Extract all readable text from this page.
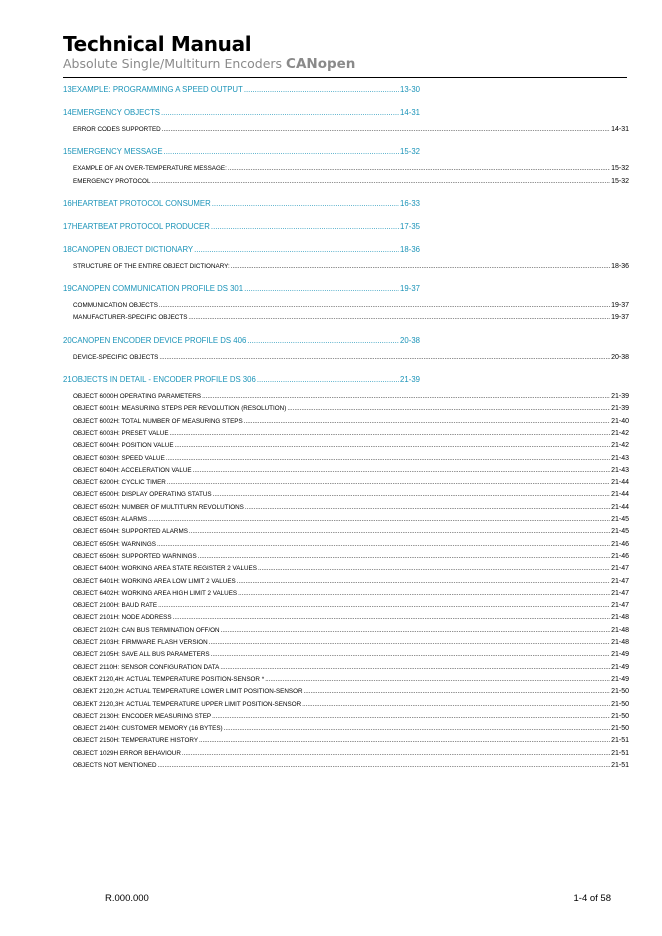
Technical Manual
Absolute Single/Multiturn Encoders CANopen
13 EXAMPLE: PROGRAMMING A SPEED OUTPUT .....	13-30
14 EMERGENCY OBJECTS .....	14-31
ERROR CODES SUPPORTED .....	14-31
15 EMERGENCY MESSAGE .....	15-32
EXAMPLE OF AN OVER-TEMPERATURE MESSAGE: .....	15-32
EMERGENCY PROTOCOL .....	15-32
16 HEARTBEAT PROTOCOL CONSUMER .....	16-33
17 HEARTBEAT PROTOCOL PRODUCER .....	17-35
18 CANOPEN OBJECT DICTIONARY .....	18-36
STRUCTURE OF THE ENTIRE OBJECT DICTIONARY: .....	18-36
19 CANOPEN COMMUNICATION PROFILE DS 301 .....	19-37
COMMUNICATION OBJECTS .....	19-37
MANUFACTURER-SPECIFIC OBJECTS .....	19-37
20 CANOPEN ENCODER DEVICE PROFILE DS 406 .....	20-38
DEVICE-SPECIFIC OBJECTS .....	20-38
21 OBJECTS IN DETAIL - ENCODER PROFILE DS 306 .....	21-39
OBJECT 6000H OPERATING PARAMETERS .....	21-39
OBJECT 6001H: MEASURING STEPS PER REVOLUTION (RESOLUTION) .....	21-39
OBJECT 6002H: TOTAL NUMBER OF MEASURING STEPS .....	21-40
OBJECT 6003H: PRESET VALUE .....	21-42
OBJECT 6004H: POSITION VALUE .....	21-42
OBJECT 6030H: SPEED VALUE .....	21-43
OBJECT 6040H: ACCELERATION VALUE .....	21-43
OBJECT 6200H: CYCLIC TIMER .....	21-44
OBJECT 6500H: DISPLAY OPERATING STATUS .....	21-44
OBJECT 6502H: NUMBER OF MULTITURN REVOLUTIONS .....	21-44
OBJECT 6503H: ALARMS .....	21-45
OBJECT 6504H: SUPPORTED ALARMS .....	21-45
OBJECT 6505H: WARNINGS .....	21-46
OBJECT 6506H: SUPPORTED WARNINGS .....	21-46
OBJECT 6400H: WORKING AREA STATE REGISTER 2 VALUES .....	21-47
OBJECT 6401H: WORKING AREA LOW LIMIT 2 VALUES .....	21-47
OBJECT 6402H: WORKING AREA HIGH LIMIT 2 VALUES .....	21-47
OBJECT 2100H: BAUD RATE .....	21-47
OBJECT 2101H: NODE ADDRESS .....	21-48
OBJECT 2102H: CAN BUS TERMINATION OFF/ON .....	21-48
OBJECT 2103H: FIRMWARE FLASH VERSION .....	21-48
OBJECT 2105H: SAVE ALL BUS PARAMETERS .....	21-49
OBJECT 2110H: SENSOR CONFIGURATION DATA .....	21-49
OBJEKT 2120,4H: ACTUAL TEMPERATURE POSITION-SENSOR * .....	21-49
OBJEKT 2120,2H: ACTUAL TEMPERATURE LOWER LIMIT POSITION-SENSOR .....	21-50
OBJEKT 2120,3H: ACTUAL TEMPERATURE UPPER LIMIT POSITION-SENSOR .....	21-50
OBJECT 2130H: ENCODER MEASURING STEP .....	21-50
OBJECT 2140H: CUSTOMER MEMORY (16 BYTES) .....	21-50
OBJECT 2150H: TEMPERATURE HISTORY .....	21-51
OBJECT 1029H ERROR BEHAVIOUR .....	21-51
OBJECTS NOT MENTIONED .....	21-51
R.000.000	1-4 of 58
